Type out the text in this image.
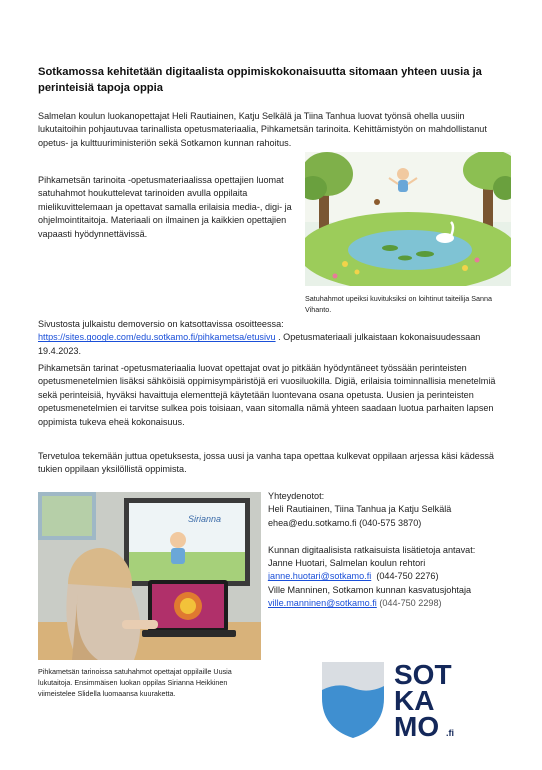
Sotkamossa kehitetään digitaalista oppimiskokonaisuutta sitomaan yhteen uusia ja perinteisiä tapoja oppia
Salmelan koulun luokanopettajat Heli Rautiainen, Katju Selkälä ja Tiina Tanhua luovat työnsä ohella uusiin lukutaitoihin pohjautuvaa tarinallista opetusmateriaalia, Pihkametsän tarinoita. Kehittämistyön on mahdollistanut opetus- ja kulttuuriministeriön sekä Sotkamon kunnan rahoitus.
Pihkametsän tarinoita -opetusmateriaalissa opettajien luomat satuhahmot houkuttelevat tarinoiden avulla oppilaita mielikuvittelemaan ja opettavat samalla erilaisia media-, digi- ja ohjelmointitaitoja. Materiaali on ilmainen ja kaikkien opettajien vapaasti hyödynnettävissä.
Satuhahmot upeiksi kuvituksiksi on loihtinut taiteilija Sanna Vihanto.
Sivustosta julkaistu demoversio on katsottavissa osoitteessa:
https://sites.google.com/edu.sotkamo.fi/pihkametsa/etusivu . Opetusmateriaali julkaistaan kokonaisuudessaan 19.4.2023.
Pihkametsän tarinat -opetusmateriaalia luovat opettajat ovat jo pitkään hyödyntäneet työssään perinteisten opetusmenetelmien lisäksi sähköisiä oppimisympäristöjä eri vuosiluokilla. Digiä, erilaisia toiminnallisia menetelmiä sekä perinteisiä, hyväksi havaittuja elementtejä käytetään luontevana osana opetusta. Uusien ja perinteisten opetusmenetelmien ei tarvitse sulkea pois toisiaan, vaan sitomalla nämä yhteen saadaan luotua parhaiten lapsen oppimista tukeva eheä kokonaisuus.
Tervetuloa tekemään juttua opetuksesta, jossa uusi ja vanha tapa opettaa kulkevat oppilaan arjessa käsi kädessä tukien oppilaan yksilöllistä oppimista.
Sirianna
Pihkametsän tarinoissa satuhahmot opettajat oppilaille Uusia lukutaitoja. Ensimmäisen luokan oppilas Sirianna Heikkinen viimeistelee Slidella luomaansa kuuraketta.
Yhteydenotot:
Heli Rautiainen, Tiina Tanhua ja Katju Selkälä
ehea@edu.sotkamo.fi (040-575 3870)
Kunnan digitaalisista ratkaisuista lisätietoja antavat:
Janne Huotari, Salmelan koulun rehtori
janne.huotari@sotkamo.fi  (044-750 2276)
Ville Manninen, Sotkamon kunnan kasvatusjohtaja
ville.manninen@sotkamo.fi (044-750 2298)
SOT
KA
MO .fi
